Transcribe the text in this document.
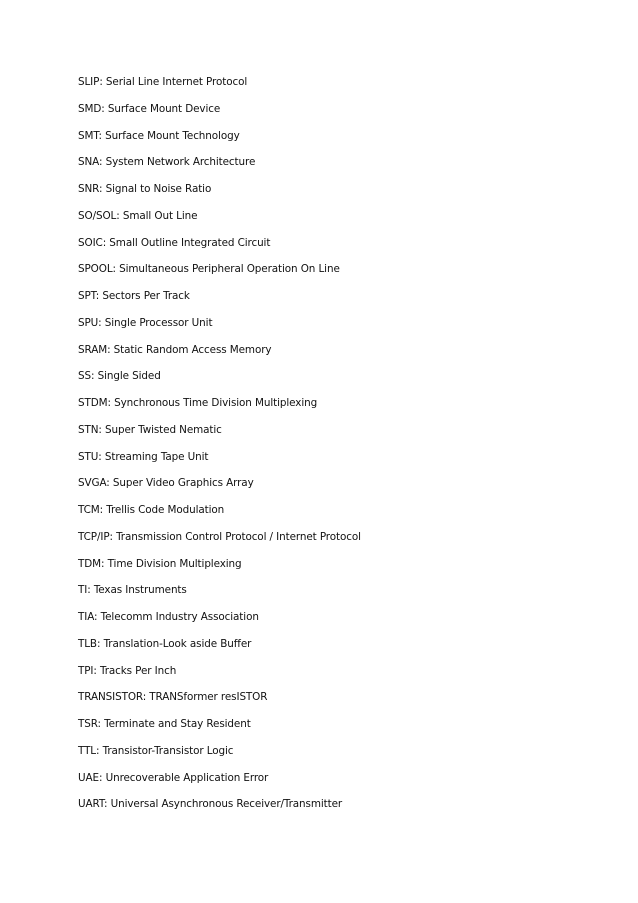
SLIP: Serial Line Internet Protocol
SMD: Surface Mount Device
SMT: Surface Mount Technology
SNA: System Network Architecture
SNR: Signal to Noise Ratio
SO/SOL: Small Out Line
SOIC: Small Outline Integrated Circuit
SPOOL: Simultaneous Peripheral Operation On Line
SPT: Sectors Per Track
SPU: Single Processor Unit
SRAM: Static Random Access Memory
SS: Single Sided
STDM: Synchronous Time Division Multiplexing
STN: Super Twisted Nematic
STU: Streaming Tape Unit
SVGA: Super Video Graphics Array
TCM: Trellis Code Modulation
TCP/IP: Transmission Control Protocol / Internet Protocol
TDM: Time Division Multiplexing
TI: Texas Instruments
TIA: Telecomm Industry Association
TLB: Translation-Look aside Buffer
TPI: Tracks Per Inch
TRANSISTOR: TRANSformer resISTOR
TSR: Terminate and Stay Resident
TTL: Transistor-Transistor Logic
UAE: Unrecoverable Application Error
UART: Universal Asynchronous Receiver/Transmitter
